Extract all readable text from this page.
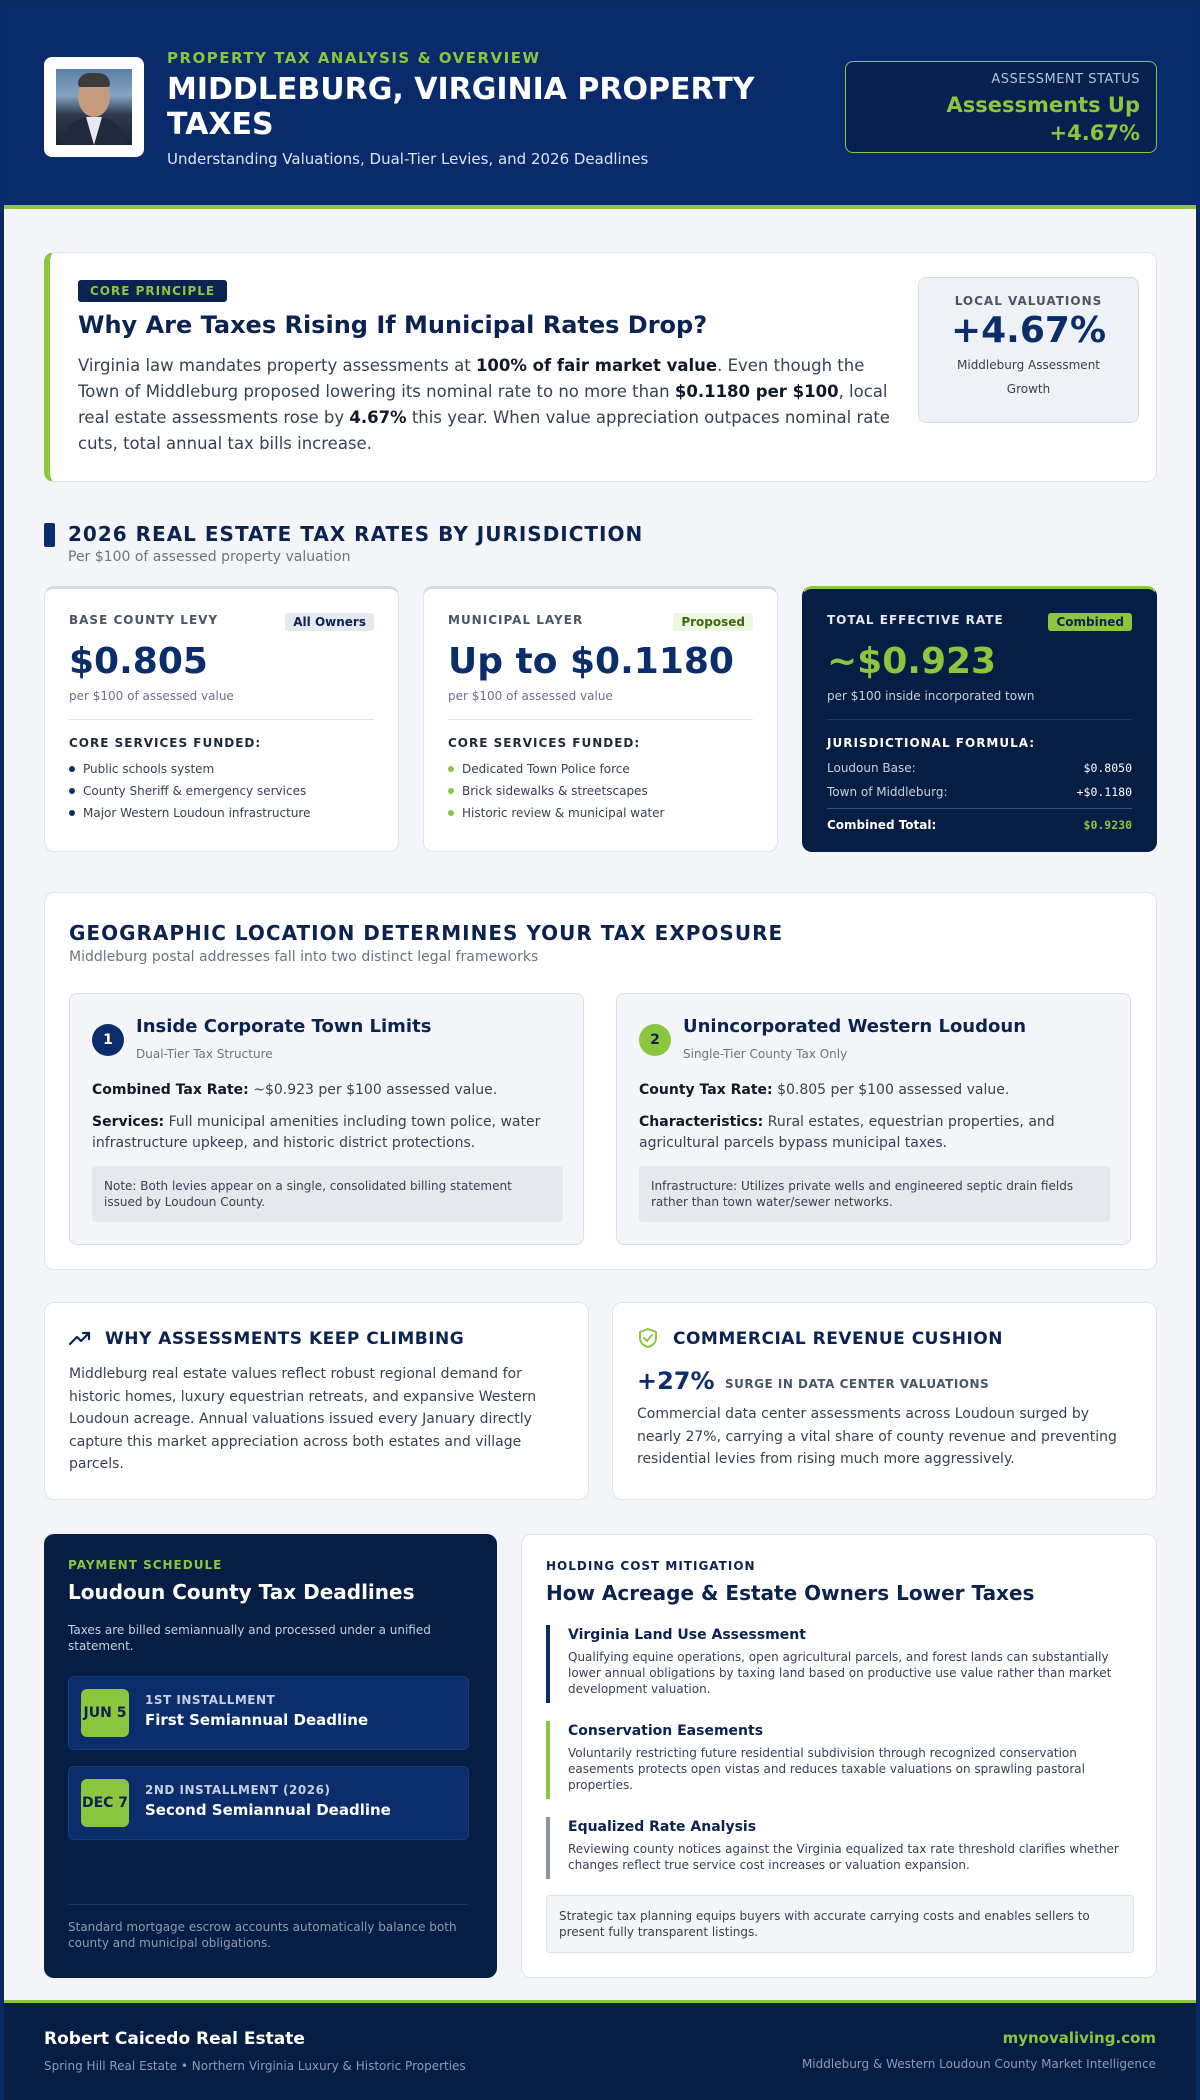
PROPERTY TAX ANALYSIS & OVERVIEW
MIDDLEBURG, VIRGINIA PROPERTY TAXES
Understanding Valuations, Dual-Tier Levies, and 2026 Deadlines
ASSESSMENT STATUS
Assessments Up +4.67%
CORE PRINCIPLE
Why Are Taxes Rising If Municipal Rates Drop?
Virginia law mandates property assessments at 100% of fair market value. Even though the Town of Middleburg proposed lowering its nominal rate to no more than $0.1180 per $100, local real estate assessments rose by 4.67% this year. When value appreciation outpaces nominal rate cuts, total annual tax bills increase.
LOCAL VALUATIONS
+4.67%
Middleburg Assessment Growth
2026 REAL ESTATE TAX RATES BY JURISDICTION
Per $100 of assessed property valuation
BASE COUNTY LEVY	All Owners
$0.805
per $100 of assessed value
CORE SERVICES FUNDED:
Public schools system
County Sheriff & emergency services
Major Western Loudoun infrastructure
MUNICIPAL LAYER	Proposed
Up to $0.1180
per $100 of assessed value
CORE SERVICES FUNDED:
Dedicated Town Police force
Brick sidewalks & streetscapes
Historic review & municipal water
TOTAL EFFECTIVE RATE	Combined
~$0.923
per $100 inside incorporated town
JURISDICTIONAL FORMULA:
Loudoun Base:	$0.8050
Town of Middleburg:	+$0.1180
Combined Total:	$0.9230
GEOGRAPHIC LOCATION DETERMINES YOUR TAX EXPOSURE
Middleburg postal addresses fall into two distinct legal frameworks
1
Inside Corporate Town Limits
Dual-Tier Tax Structure
Combined Tax Rate: ~$0.923 per $100 assessed value.
Services: Full municipal amenities including town police, water infrastructure upkeep, and historic district protections.
Note: Both levies appear on a single, consolidated billing statement issued by Loudoun County.
2
Unincorporated Western Loudoun
Single-Tier County Tax Only
County Tax Rate: $0.805 per $100 assessed value.
Characteristics: Rural estates, equestrian properties, and agricultural parcels bypass municipal taxes.
Infrastructure: Utilizes private wells and engineered septic drain fields rather than town water/sewer networks.
WHY ASSESSMENTS KEEP CLIMBING
Middleburg real estate values reflect robust regional demand for historic homes, luxury equestrian retreats, and expansive Western Loudoun acreage. Annual valuations issued every January directly capture this market appreciation across both estates and village parcels.
COMMERCIAL REVENUE CUSHION
+27% SURGE IN DATA CENTER VALUATIONS
Commercial data center assessments across Loudoun surged by nearly 27%, carrying a vital share of county revenue and preventing residential levies from rising much more aggressively.
PAYMENT SCHEDULE
Loudoun County Tax Deadlines
Taxes are billed semiannually and processed under a unified statement.
JUN 5
1ST INSTALLMENT
First Semiannual Deadline
DEC 7
2ND INSTALLMENT (2026)
Second Semiannual Deadline
Standard mortgage escrow accounts automatically balance both county and municipal obligations.
HOLDING COST MITIGATION
How Acreage & Estate Owners Lower Taxes
Virginia Land Use Assessment
Qualifying equine operations, open agricultural parcels, and forest lands can substantially lower annual obligations by taxing land based on productive use value rather than market development valuation.
Conservation Easements
Voluntarily restricting future residential subdivision through recognized conservation easements protects open vistas and reduces taxable valuations on sprawling pastoral properties.
Equalized Rate Analysis
Reviewing county notices against the Virginia equalized tax rate threshold clarifies whether changes reflect true service cost increases or valuation expansion.
Strategic tax planning equips buyers with accurate carrying costs and enables sellers to present fully transparent listings.
Robert Caicedo Real Estate
Spring Hill Real Estate • Northern Virginia Luxury & Historic Properties
mynovaliving.com
Middleburg & Western Loudoun County Market Intelligence
